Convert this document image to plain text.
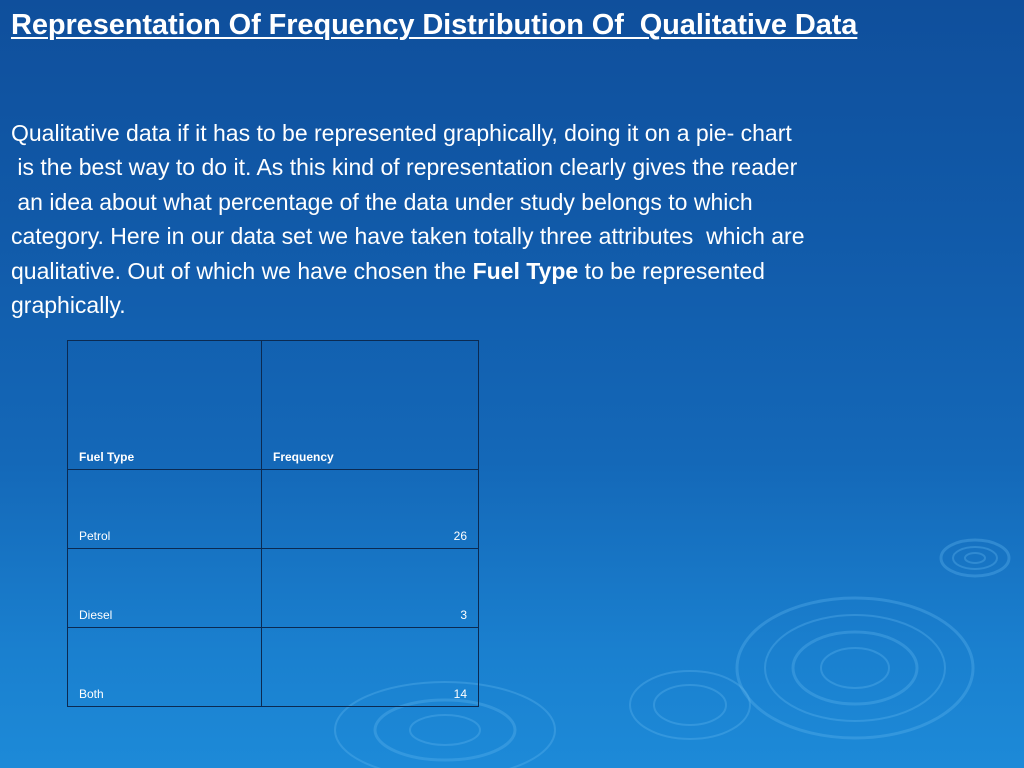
Representation Of Frequency Distribution Of  Qualitative Data
Qualitative data if it has to be represented graphically, doing it on a pie- chart
is the best way to do it. As this kind of representation clearly gives the reader
an idea about what percentage of the data under study belongs to which
category. Here in our data set we have taken totally three attributes  which are
qualitative. Out of which we have chosen the Fuel Type to be represented
graphically.
Fuel Type	Frequency
Petrol	26
Diesel	3
Both	14
